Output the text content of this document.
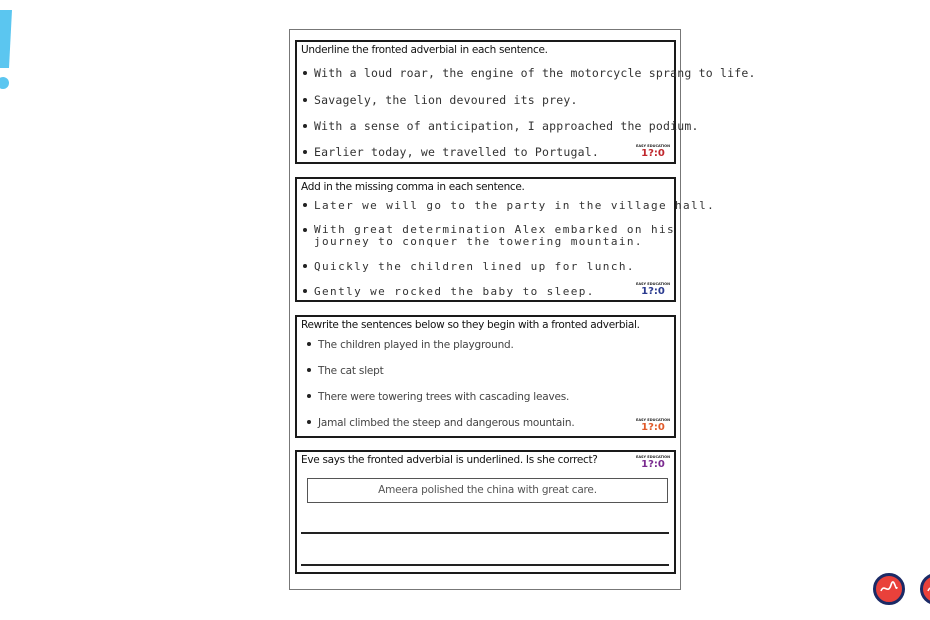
Underline the fronted adverbial in each sentence.
With a loud roar, the engine of the motorcycle sprang to life.
Savagely, the lion devoured its prey.
With a sense of anticipation, I approached the podium.
Earlier today, we travelled to Portugal.	EASY EDUCATION
1?:0
Add in the missing comma in each sentence.
Later we will go to the party in the village hall.
With great determination Alex embarked on his
journey to conquer the towering mountain.
Quickly the children lined up for lunch.
Gently we rocked the baby to sleep.
EASY EDUCATION
1?:0
Rewrite the sentences below so they begin with a fronted adverbial.
The children played in the playground.
The cat slept
There were towering trees with cascading leaves.
Jamal climbed the steep and dangerous mountain.	EASY EDUCATION
1?:0
Eve says the fronted adverbial is underlined. Is she correct?	EASY EDUCATION
1?:0
Ameera polished the china with great care.
